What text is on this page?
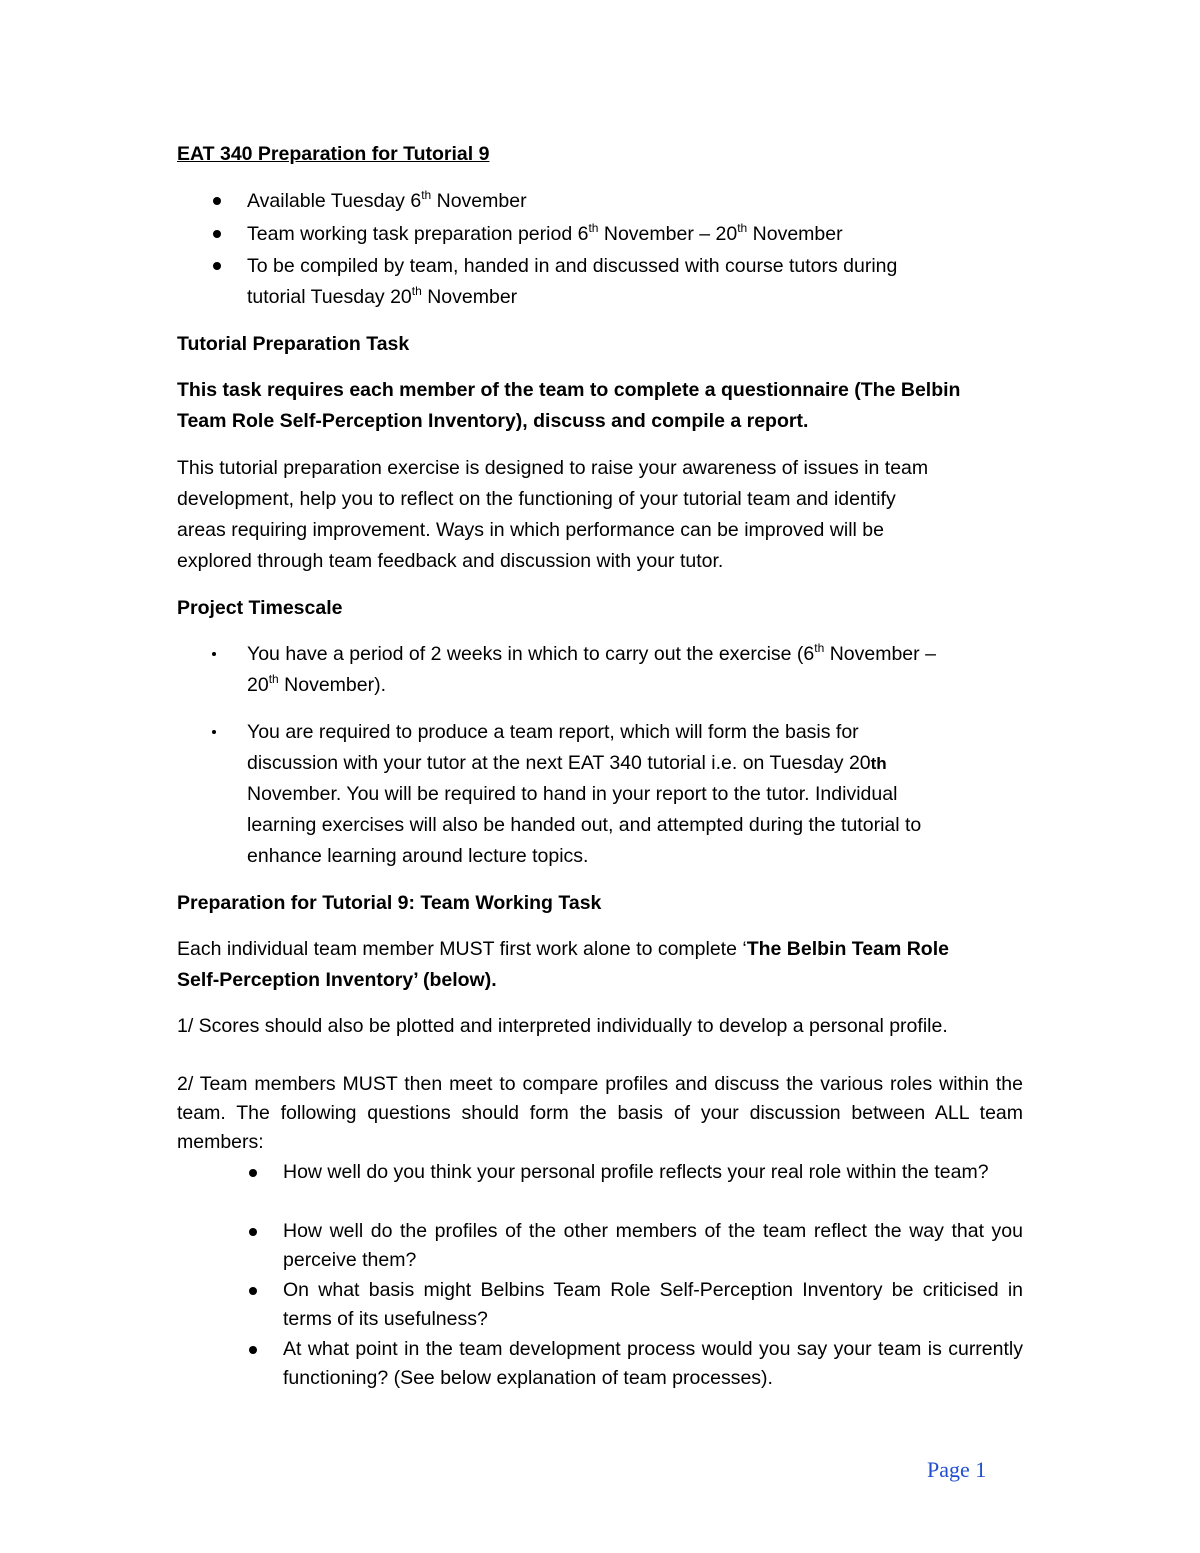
EAT 340 Preparation for Tutorial 9
Available Tuesday 6th November
Team working task preparation period 6th November – 20th November
To be compiled by team, handed in and discussed with course tutors during
tutorial Tuesday 20th November
Tutorial Preparation Task
This task requires each member of the team to complete a questionnaire (The Belbin
Team Role Self-Perception Inventory), discuss and compile a report.
This tutorial preparation exercise is designed to raise your awareness of issues in team
development, help you to reflect on the functioning of your tutorial team and identify
areas requiring improvement. Ways in which performance can be improved will be
explored through team feedback and discussion with your tutor.
Project Timescale
You have a period of 2 weeks in which to carry out the exercise (6th November –
20th November).
You are required to produce a team report, which will form the basis for
discussion with your tutor at the next EAT 340 tutorial i.e. on Tuesday 20th
November. You will be required to hand in your report to the tutor. Individual
learning exercises will also be handed out, and attempted during the tutorial to
enhance learning around lecture topics.
Preparation for Tutorial 9: Team Working Task
Each individual team member MUST first work alone to complete ‘The Belbin Team Role
Self-Perception Inventory’ (below).
1/ Scores should also be plotted and interpreted individually to develop a personal profile.
2/ Team members MUST then meet to compare profiles and discuss the various roles within the team. The following questions should form the basis of your discussion between ALL team members:
How well do you think your personal profile reflects your real role within the team?
How well do the profiles of the other members of the team reflect the way that you perceive them?
On what basis might Belbins Team Role Self-Perception Inventory be criticised in terms of its usefulness?
At what point in the team development process would you say your team is currently functioning? (See below explanation of team processes).
Page 1
